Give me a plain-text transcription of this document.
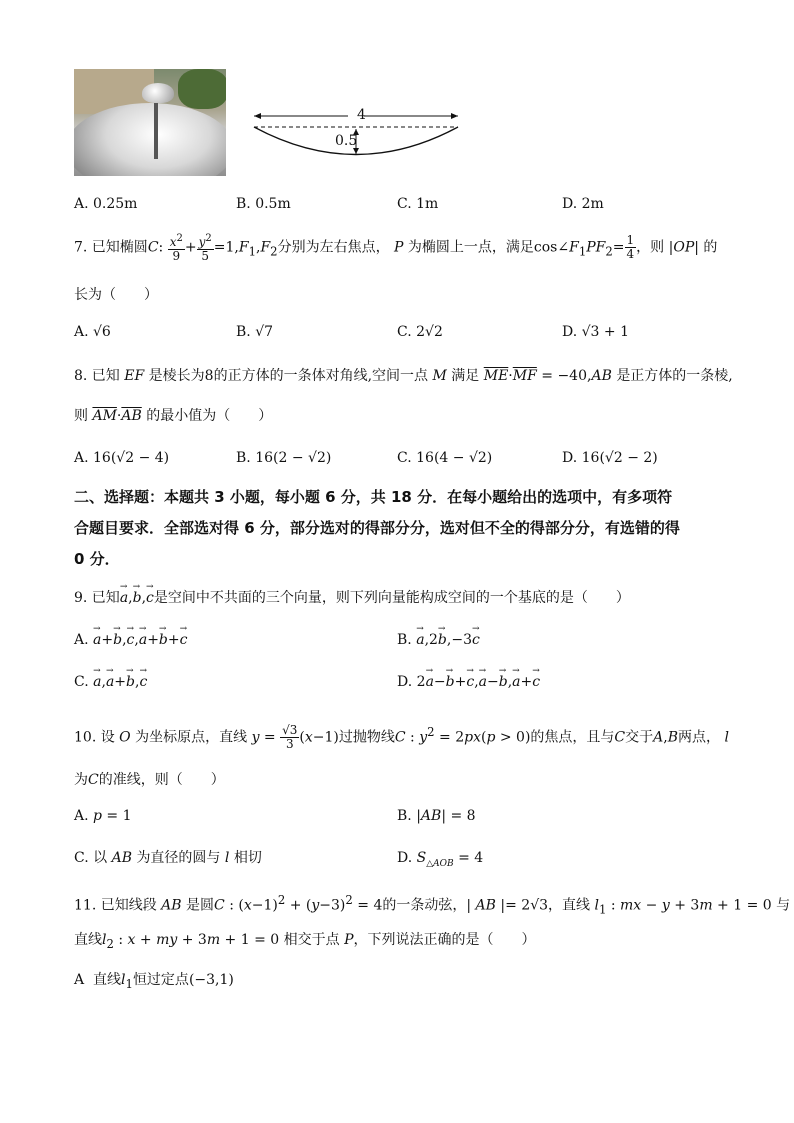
4
0.5
A. 0.25m	B. 0.5m	C. 1m	D. 2m
7. 已知椭圆C: $\frac{x^2}{9} + \frac{y^2}{5} =1,F_1,F_2$分别为左右焦点， P 为椭圆上一点，满足$\cos\angle F_1PF_2= \frac{1}{4}$ ，则 |OP| 的
长为（　　）
A. √6	B. √7	C. 2√2	D. √3 + 1
8. 已知 EF 是棱长为8的正方体的一条体对角线,空间一点 M 满足 $\overline{ME}\cdot\overline{MF} = -40,AB$ 是正方体的一条棱,
则 $\overline{AM}\cdot\overline{AB}$ 的最小值为（　　）
A. 16(√2 − 4)	B. 16(2 − √2)	C. 16(4 − √2)	D. 16(√2 − 2)
二、选择题：本题共 3 小题，每小题 6 分，共 18 分．在每小题给出的选项中，有多项符
合题目要求．全部选对得 6 分，部分选对的得部分分，选对但不全的得部分分，有选错的得
0 分．
9. 已知→ a,→ b,→ c是空间中不共面的三个向量，则下列向量能构成空间的一个基底的是（　　）
A. → a+→ b,→ c,→ a+→ b+→ c	B. → a,2→ b,−3→ c
C. → a,→ a+→ b,→ c	D. 2→ a−→ b+→ c,→ a−→ b,→ a+→ c
10. 设 O 为坐标原点，直线 $y = \frac{√3}{3} (x-1)$过抛物线C : $y^2 = 2px(p > 0)$的焦点，且与C交于A,B两点， l
为C的准线，则（　　）
A. p = 1	B. |AB| = 8
C. 以 AB 为直径的圆与 l 相切	D. $S_{\triangle AOB} = 4$
11. 已知线段 AB 是圆C : $(x-1)^2 + (y-3)^2 = 4$的一条动弦，| AB |= 2√3，直线 $l_1$ : mx − y + 3m + 1 = 0 与
直线$l_2$ : x + my + 3m + 1 = 0 相交于点 P，下列说法正确的是（　　）
A 直线$l_1$恒过定点(−3,1)
